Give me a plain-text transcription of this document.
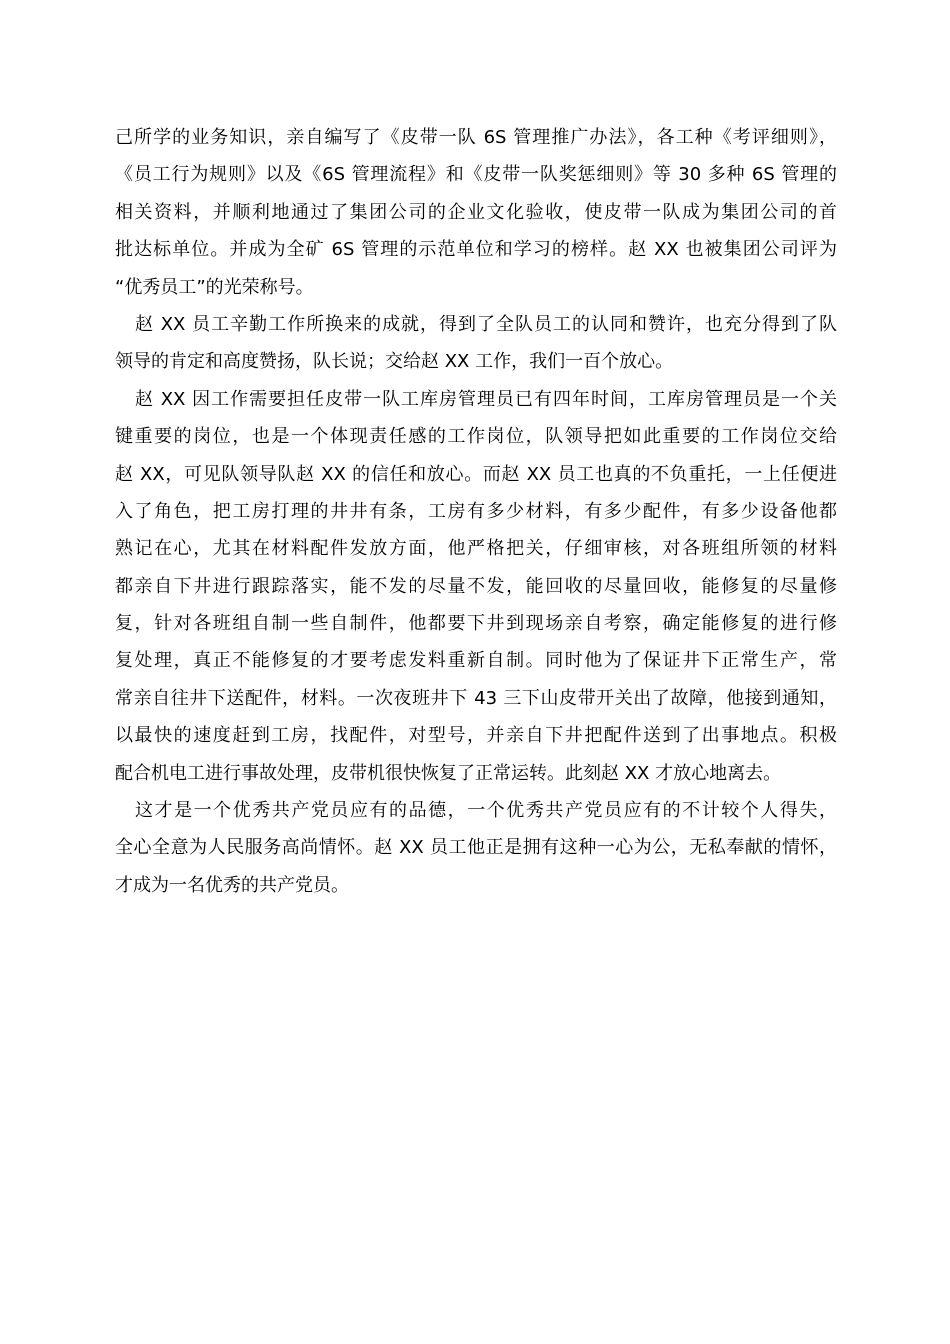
己所学的业务知识，亲自编写了《皮带一队 6S 管理推广办法》，各工种《考评细则》，
《员工行为规则》以及《6S 管理流程》和《皮带一队奖惩细则》等 30 多种 6S 管理的
相关资料，并顺利地通过了集团公司的企业文化验收，使皮带一队成为集团公司的首
批达标单位。并成为全矿 6S 管理的示范单位和学习的榜样。赵 XX 也被集团公司评为
“优秀员工”的光荣称号。

赵 XX 员工辛勤工作所换来的成就，得到了全队员工的认同和赞许，也充分得到了队
领导的肯定和高度赞扬，队长说；交给赵 XX 工作，我们一百个放心。

赵 XX 因工作需要担任皮带一队工库房管理员已有四年时间，工库房管理员是一个关
键重要的岗位，也是一个体现责任感的工作岗位，队领导把如此重要的工作岗位交给
赵 XX，可见队领导队赵 XX 的信任和放心。而赵 XX 员工也真的不负重托，一上任便进
入了角色，把工房打理的井井有条，工房有多少材料，有多少配件，有多少设备他都
熟记在心，尤其在材料配件发放方面，他严格把关，仔细审核，对各班组所领的材料
都亲自下井进行跟踪落实，能不发的尽量不发，能回收的尽量回收，能修复的尽量修
复，针对各班组自制一些自制件，他都要下井到现场亲自考察，确定能修复的进行修
复处理，真正不能修复的才要考虑发料重新自制。同时他为了保证井下正常生产，常
常亲自往井下送配件，材料。一次夜班井下 43 三下山皮带开关出了故障，他接到通知，
以最快的速度赶到工房，找配件，对型号，并亲自下井把配件送到了出事地点。积极
配合机电工进行事故处理，皮带机很快恢复了正常运转。此刻赵 XX 才放心地离去。

这才是一个优秀共产党员应有的品德，一个优秀共产党员应有的不计较个人得失，
全心全意为人民服务高尚情怀。赵 XX 员工他正是拥有这种一心为公，无私奉献的情怀，
才成为一名优秀的共产党员。
